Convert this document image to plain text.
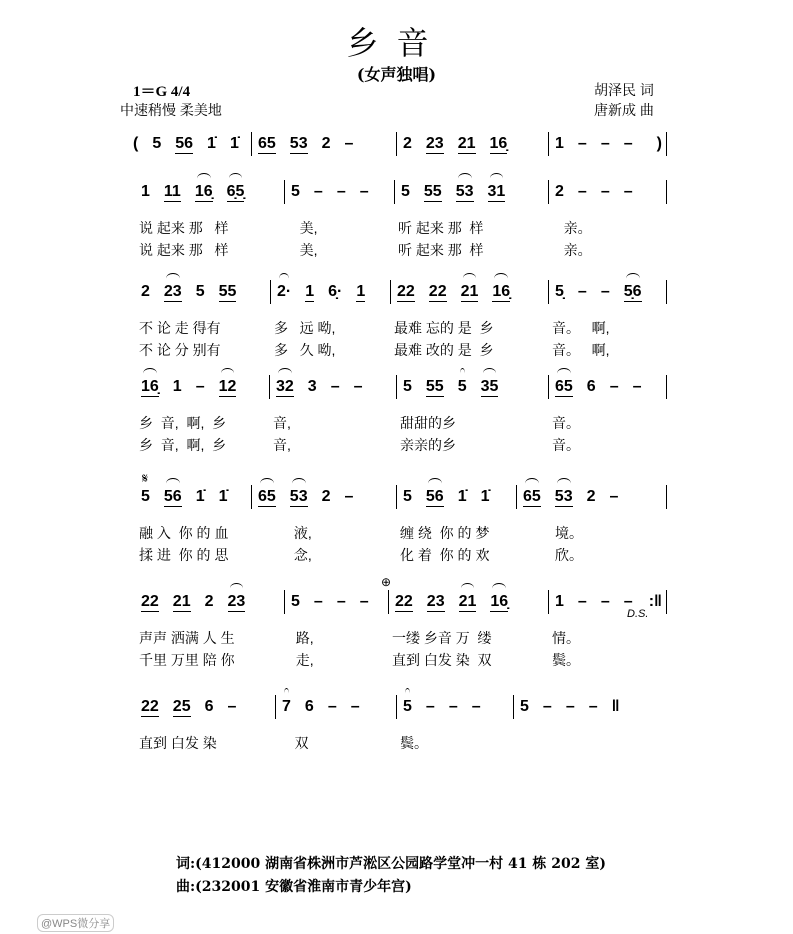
乡音
(女声独唱)
1＝G 4/4
中速稍慢 柔美地
胡泽民 词
唐新成 曲
( 5 56 1̇ 1̇ 65 53 2 –	2 23 21 16̣	1 – – – )
1 11 16̣ 6̣5̣	5 – – – 5 55 53 31	2 – – –
说 起来 那   样	美,	听 起来 那  样	亲。
说 起来 那   样	美,	听 起来 那  样	亲。
2 23 5 55	2· 1 6̣· 1 22 22 21 16̣	5̣ – – 5̣6
不 论 走 得有	多   远 呦,	最难 忘的 是  乡	音。   啊,
不 论 分 别有	多   久 呦,	最难 改的 是  乡	音。   啊,
16̣ 1 – 12 32 3 – –	5 55 5 35	65 6 – –
乡  音,  啊,  乡	音,	甜甜的乡	音。
乡  音,  啊,  乡	音,	亲亲的乡	音。
5 56 1̇ 1̇ 65 53 2 –	5 56 1̇ 1̇ 65 53 2 –
融 入  你 的 血	液,	缠 绕  你 的 梦	境。
揉 进  你 的 思	念,	化 着  你 的 欢	欣。
22 21 2 23	5 – – – 22 23 21 16̣	1 – – – :‖
声声 洒满 人 生	路,	一缕 乡音 万  缕	情。
千里 万里 陪 你	走,	直到 白发 染  双	鬓。
22 25 6 –	7 6 – –	5 – – – 5 – – – ‖
直到 白发 染	双	鬓。
𝄋
⊕
D.S.
词:(412000 湖南省株洲市芦淞区公园路学堂冲一村 41 栋 202 室)
曲:(232001 安徽省淮南市青少年宫)
@WPS微分享
